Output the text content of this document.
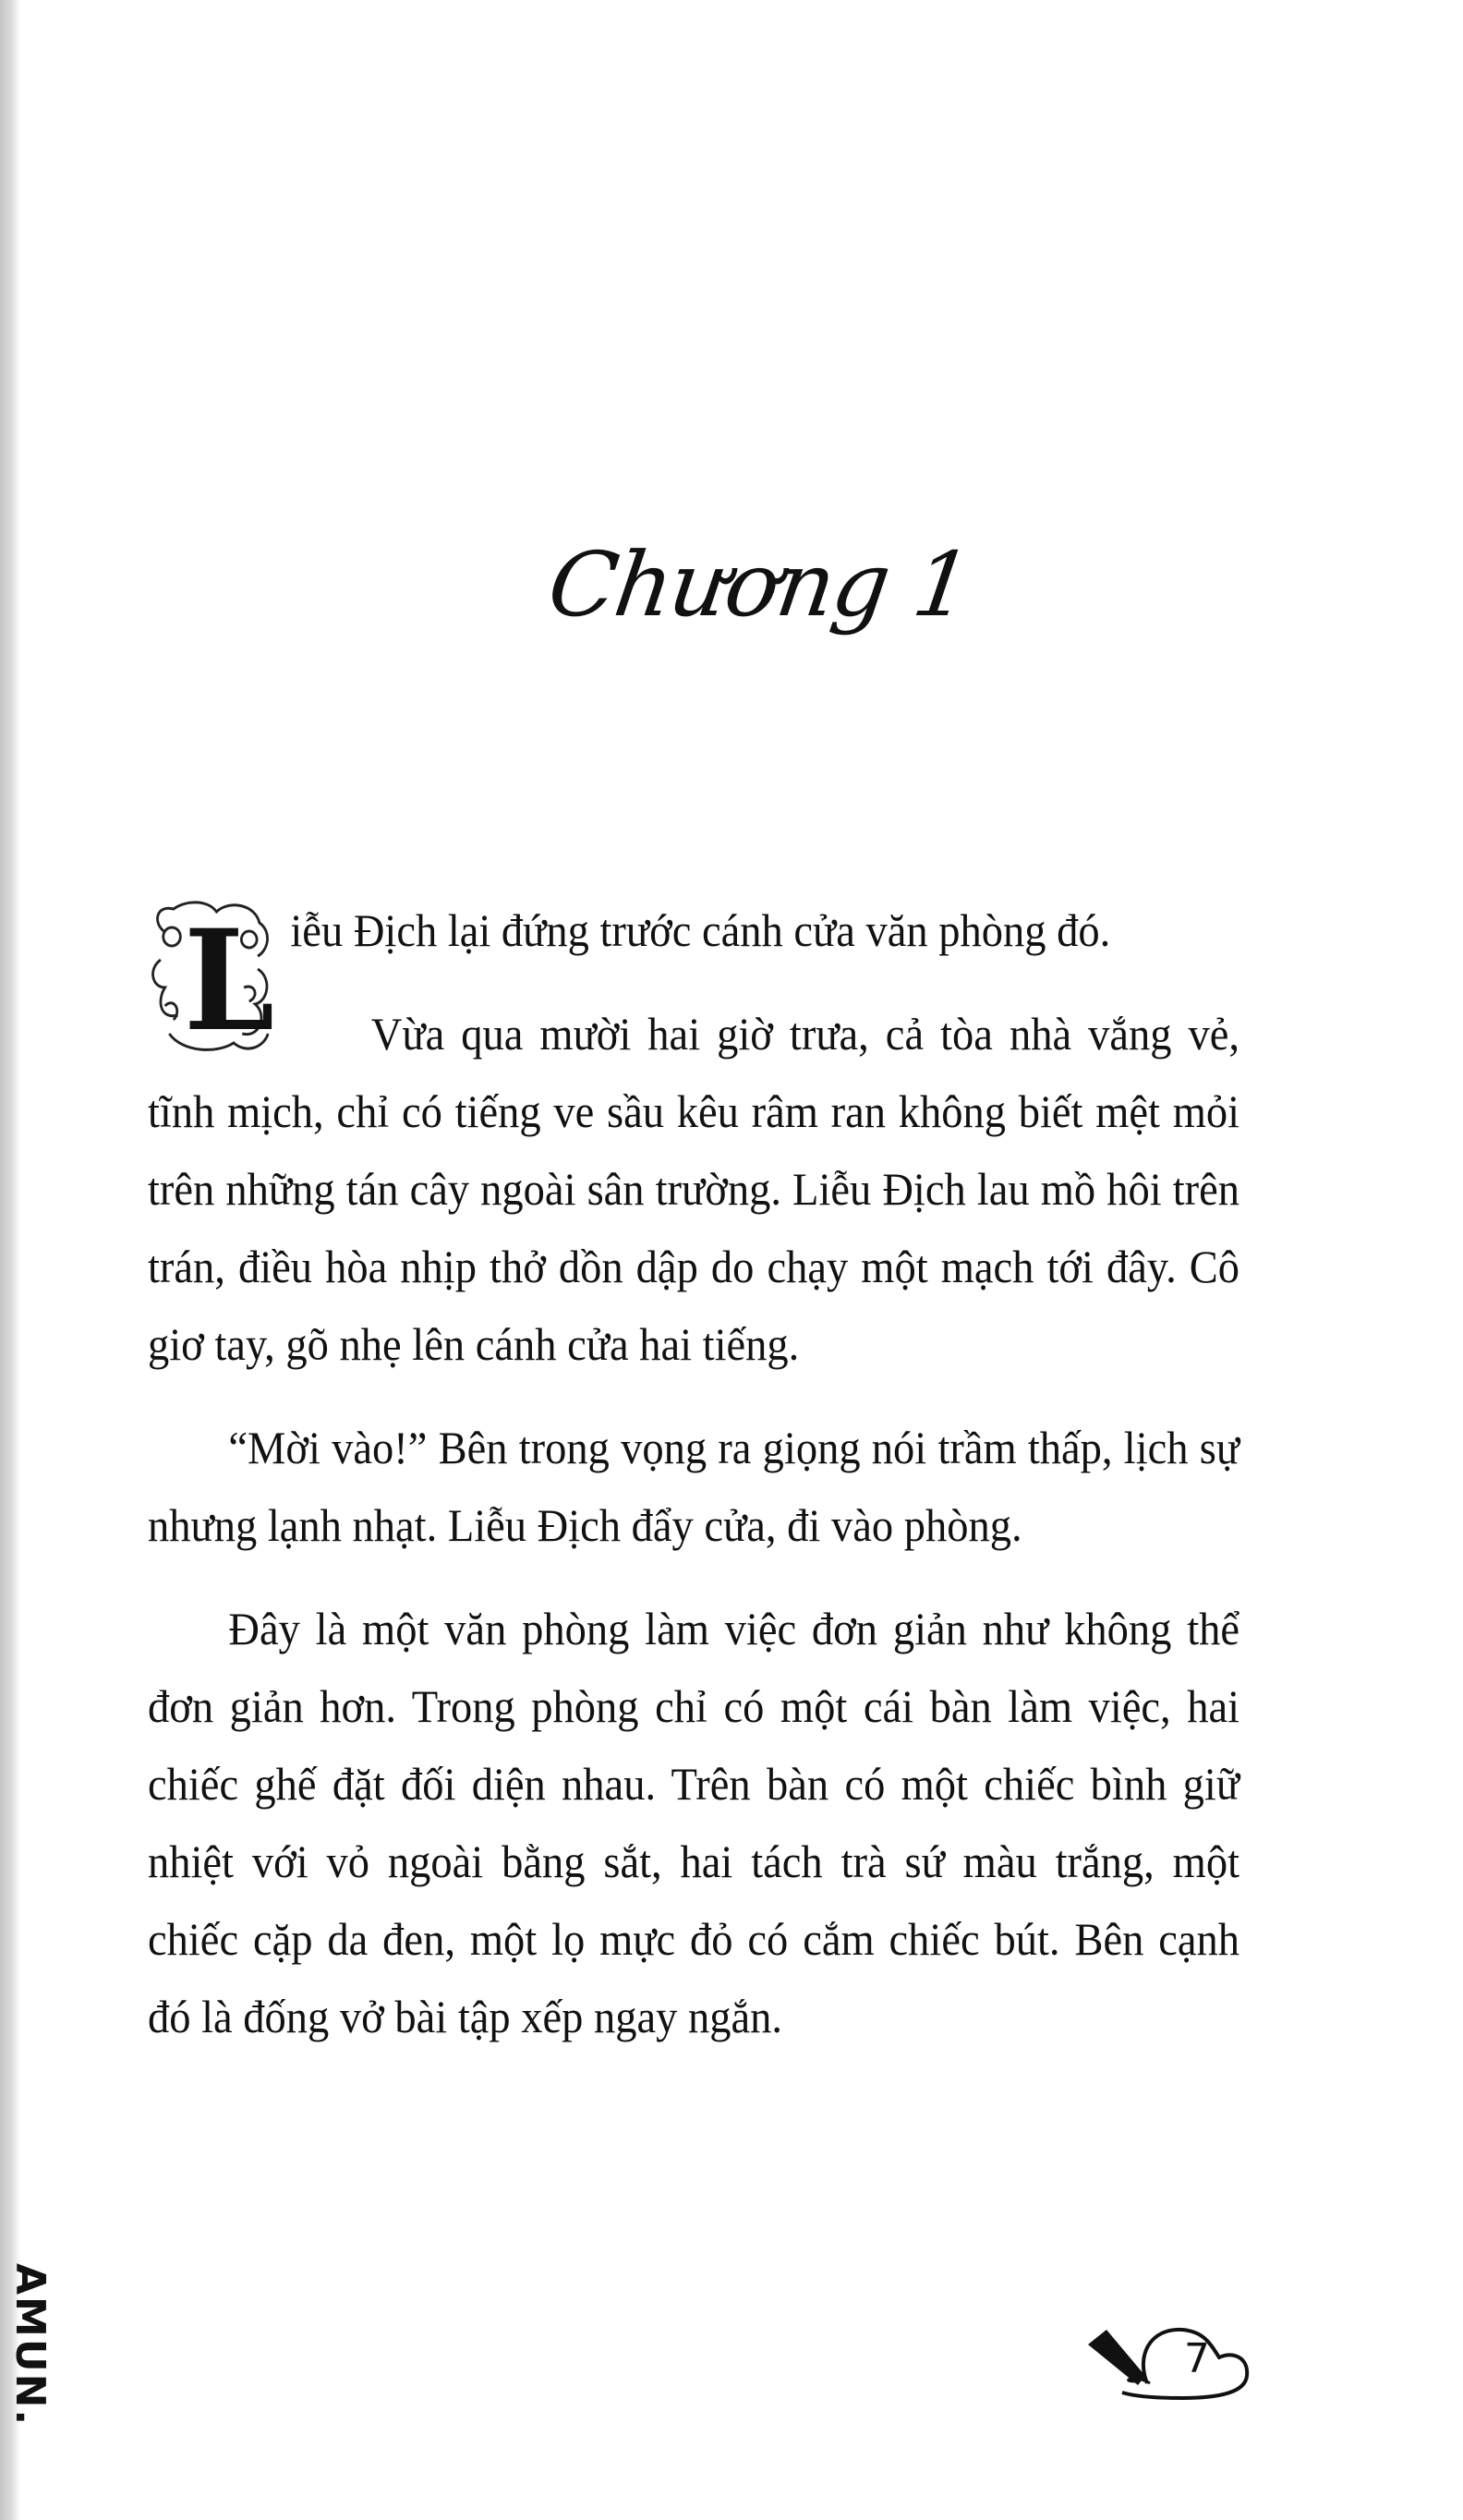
Chương 1

L iễu Địch lại đứng trước cánh cửa văn phòng đó.

Vừa qua mười hai giờ trưa, cả tòa nhà vắng vẻ, tĩnh mịch, chỉ có tiếng ve sầu kêu râm ran không biết mệt mỏi trên những tán cây ngoài sân trường. Liễu Địch lau mồ hôi trên trán, điều hòa nhịp thở dồn dập do chạy một mạch tới đây. Cô giơ tay, gõ nhẹ lên cánh cửa hai tiếng.

“Mời vào!” Bên trong vọng ra giọng nói trầm thấp, lịch sự nhưng lạnh nhạt. Liễu Địch đẩy cửa, đi vào phòng.

Đây là một văn phòng làm việc đơn giản như không thể đơn giản hơn. Trong phòng chỉ có một cái bàn làm việc, hai chiếc ghế đặt đối diện nhau. Trên bàn có một chiếc bình giữ nhiệt với vỏ ngoài bằng sắt, hai tách trà sứ màu trắng, một chiếc cặp da đen, một lọ mực đỏ có cắm chiếc bút. Bên cạnh đó là đống vở bài tập xếp ngay ngắn.

AMUN.	7
